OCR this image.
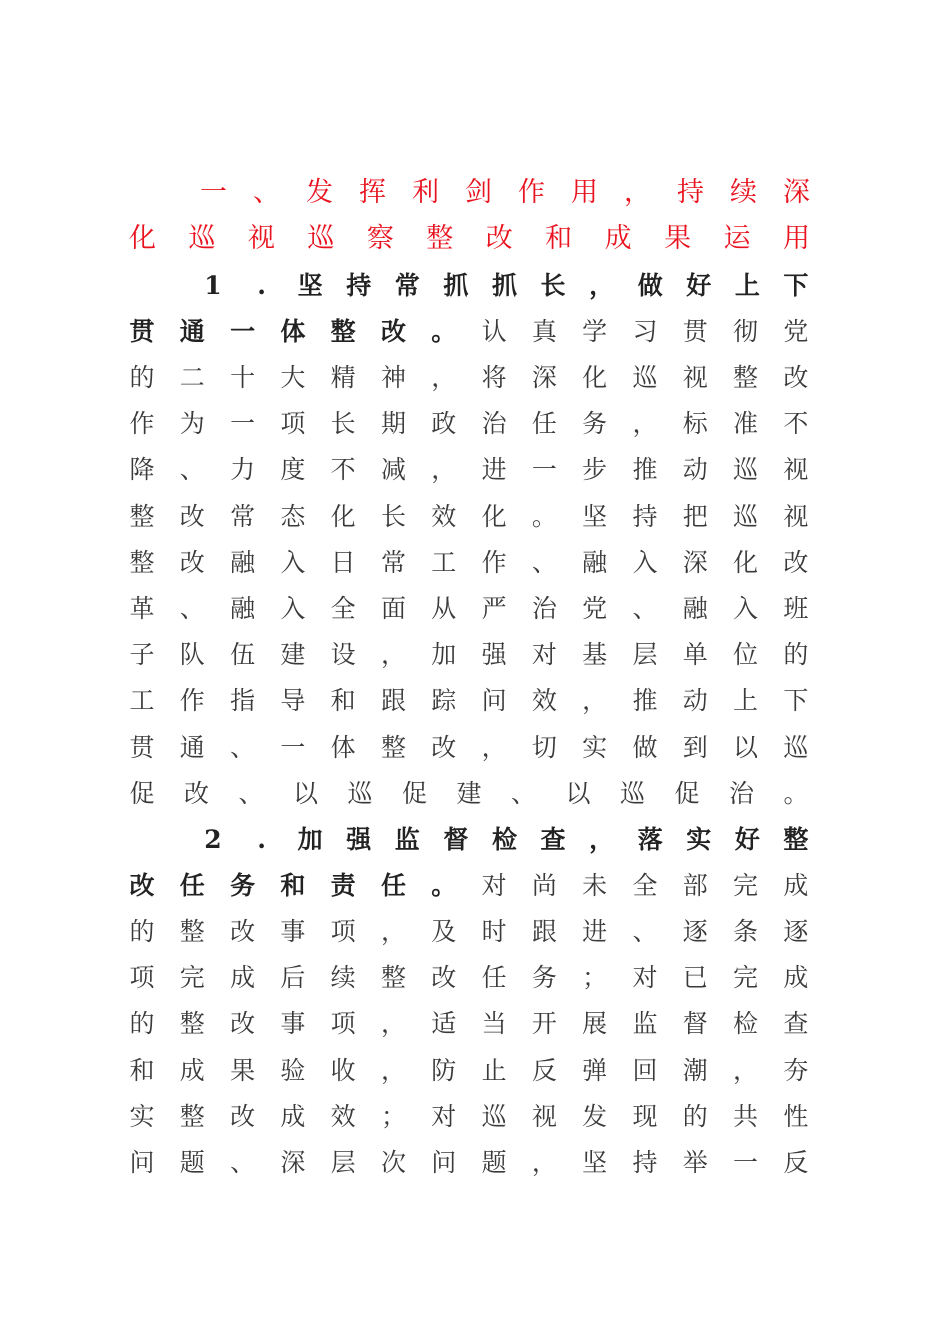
一 、 发 挥 利 剑 作 用 ， 持 续 深
化 巡 视 巡 察 整 改 和 成 果 运 用
1	.	坚 持 常 抓 抓 长 ， 做 好 上 下
贯 通 一 体 整 改 。 认 真 学 习 贯 彻 党
的 二 十 大 精 神 ， 将 深 化 巡 视 整 改
作 为 一 项 长 期 政 治 任 务 ， 标 准 不
降 、 力 度 不 减 ， 进 一 步 推 动 巡 视
整 改 常 态 化 长 效 化 。 坚 持 把 巡 视
整 改 融 入 日 常 工 作 、 融 入 深 化 改
革 、 融 入 全 面 从 严 治 党 、 融 入 班
子 队 伍 建 设 ， 加 强 对 基 层 单 位 的
工 作 指 导 和 跟 踪 问 效 ， 推 动 上 下
贯 通 、 一 体 整 改 ， 切 实 做 到 以 巡
促 改 、 以 巡 促 建 、 以 巡 促 治 。
2	.	加 强 监 督 检 查 ， 落 实 好 整
改 任 务 和 责 任 。 对 尚 未 全 部 完 成
的 整 改 事 项 ， 及 时 跟 进 、 逐 条 逐
项 完 成 后 续 整 改 任 务 ； 对 已 完 成
的 整 改 事 项 ， 适 当 开 展 监 督 检 查
和 成 果 验 收 ， 防 止 反 弹 回 潮 ， 夯
实 整 改 成 效 ； 对 巡 视 发 现 的 共 性
问 题 、 深 层 次 问 题 ， 坚 持 举 一 反
